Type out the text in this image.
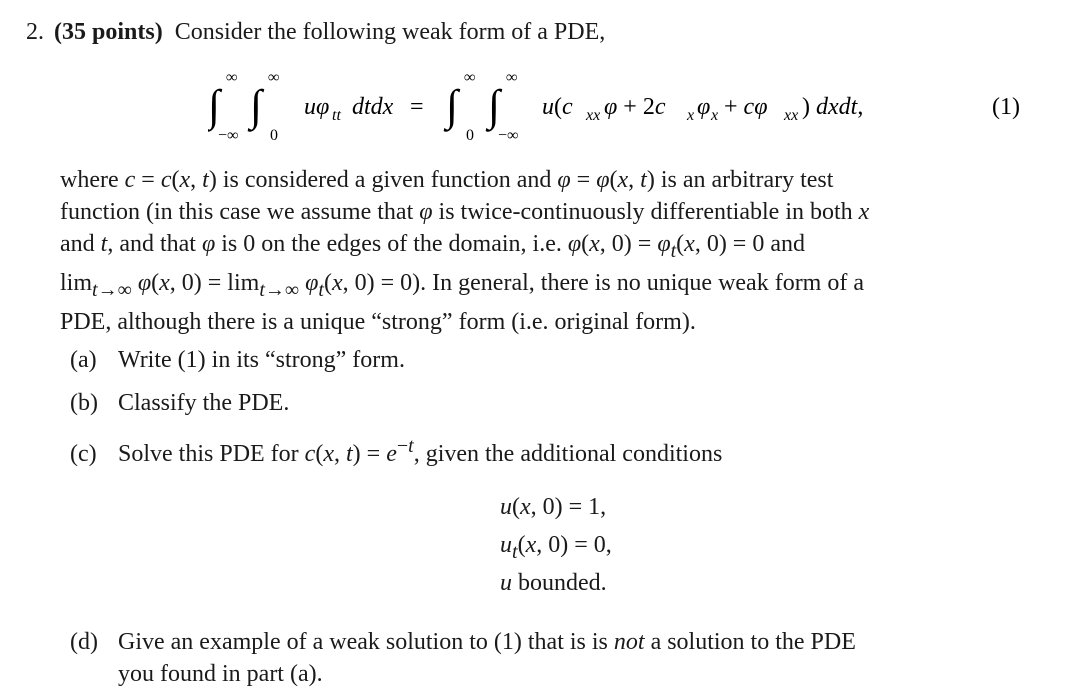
2. (35 points) Consider the following weak form of a PDE,
∫
∞
−∞
∫
∞
0
uφ tt dtdx = ∫
∞
0
∫
∞
−∞
u(c xx φ + 2c x φ x + cφ xx ) dxdt,	(1)

where c = c(x, t) is considered a given function and φ = φ(x, t) is an arbitrary test

function (in this case we assume that φ is twice-continuously differentiable in both x

and t, and that φ is 0 on the edges of the domain, i.e. φ(x, $0) = \varphi_t(x$, 0) = 0 and

$\lim_{t\to\infty} \varphi(x$, $0) = \lim_{t\to\infty} \varphi_t(x$, 0) = 0). In general, there is no unique weak form of a

PDE, although there is a unique “strong” form (i.e. original form).

(a) Write (1) in its “strong” form.
(b) Classify the PDE.
(c) Solve this PDE for c(x, $t) = e^{-t}$, given the additional conditions
u(x, 0) = 1,
$u_t(x$, 0) = 0,
u bounded.
(d) Give an example of a weak solution to (1) that is is not a solution to the PDE
you found in part (a).
